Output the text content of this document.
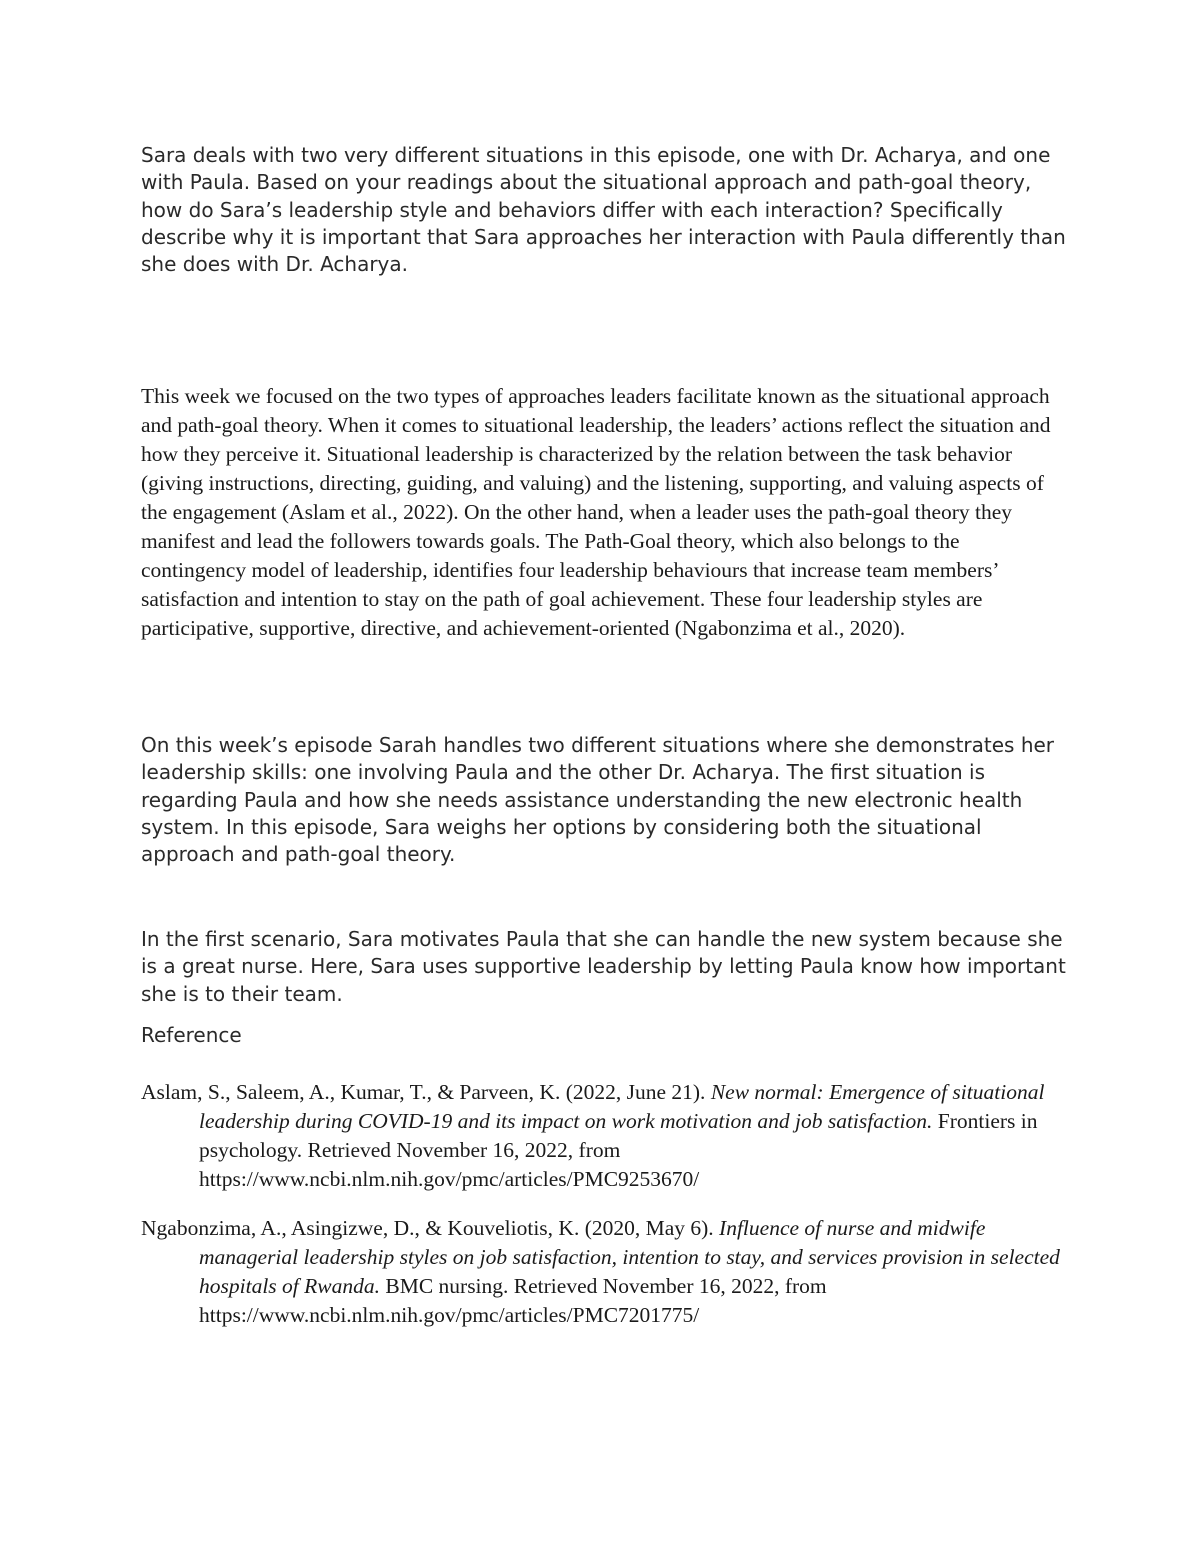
Sara deals with two very different situations in this episode, one with Dr. Acharya, and one with Paula. Based on your readings about the situational approach and path-goal theory, how do Sara’s leadership style and behaviors differ with each interaction? Specifically describe why it is important that Sara approaches her interaction with Paula differently than she does with Dr. Acharya.

This week we focused on the two types of approaches leaders facilitate known as the situational approach and path-goal theory. When it comes to situational leadership, the leaders’ actions reflect the situation and how they perceive it. Situational leadership is characterized by the relation between the task behavior (giving instructions, directing, guiding, and valuing) and the listening, supporting, and valuing aspects of the engagement (Aslam et al., 2022). On the other hand, when a leader uses the path-goal theory they manifest and lead the followers towards goals. The Path-Goal theory, which also belongs to the contingency model of leadership, identifies four leadership behaviours that increase team members’ satisfaction and intention to stay on the path of goal achievement. These four leadership styles are participative, supportive, directive, and achievement-oriented (Ngabonzima et al., 2020).

On this week’s episode Sarah handles two different situations where she demonstrates her leadership skills: one involving Paula and the other Dr. Acharya. The first situation is regarding Paula and how she needs assistance understanding the new electronic health system. In this episode, Sara weighs her options by considering both the situational approach and path-goal theory.

In the first scenario, Sara motivates Paula that she can handle the new system because she is a great nurse. Here, Sara uses supportive leadership by letting Paula know how important she is to their team.

Reference

Aslam, S., Saleem, A., Kumar, T., & Parveen, K. (2022, June 21). New normal: Emergence of situational leadership during COVID-19 and its impact on work motivation and job satisfaction. Frontiers in psychology. Retrieved November 16, 2022, from https://www.ncbi.nlm.nih.gov/pmc/articles/PMC9253670/

Ngabonzima, A., Asingizwe, D., & Kouveliotis, K. (2020, May 6). Influence of nurse and midwife managerial leadership styles on job satisfaction, intention to stay, and services provision in selected hospitals of Rwanda. BMC nursing. Retrieved November 16, 2022, from https://www.ncbi.nlm.nih.gov/pmc/articles/PMC7201775/
